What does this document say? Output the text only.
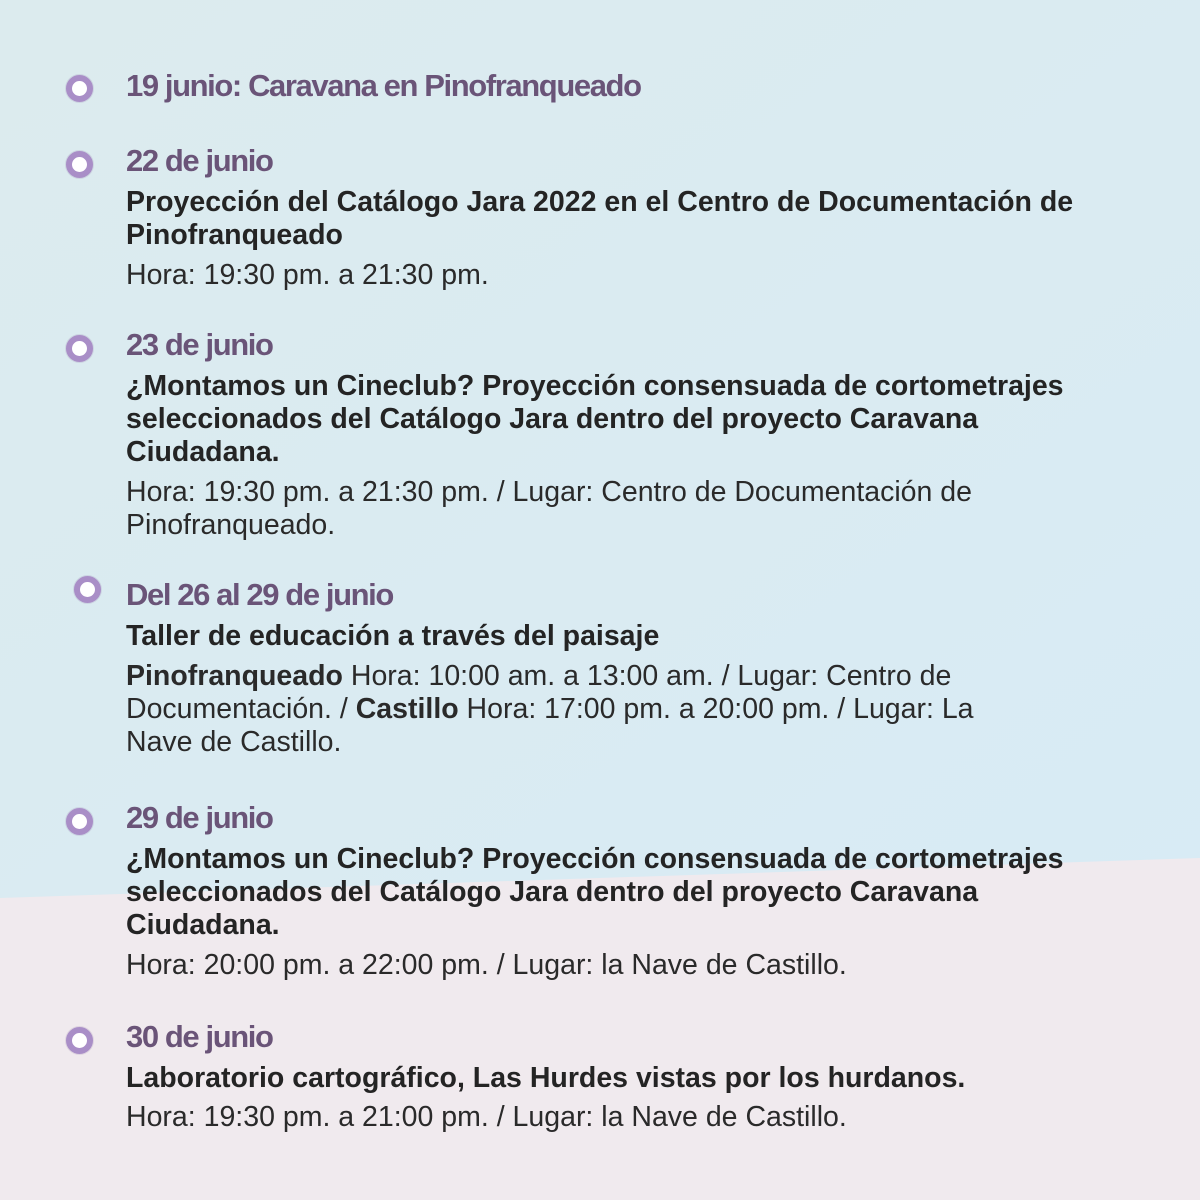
19 junio: Caravana en Pinofranqueado
22 de junio
Proyección del Catálogo Jara 2022 en el Centro de Documentación de Pinofranqueado
Hora: 19:30 pm. a 21:30 pm.
23 de junio
¿Montamos un Cineclub? Proyección consensuada de cortometrajes seleccionados del Catálogo Jara dentro del proyecto Caravana Ciudadana.
Hora: 19:30 pm. a 21:30 pm. / Lugar: Centro de Documentación de Pinofranqueado.
Del 26 al 29 de junio
Taller de educación a través del paisaje
Pinofranqueado Hora: 10:00 am. a 13:00 am. / Lugar: Centro de Documentación. / Castillo Hora: 17:00 pm. a 20:00 pm. / Lugar: La Nave de Castillo.
29 de junio
¿Montamos un Cineclub? Proyección consensuada de cortometrajes seleccionados del Catálogo Jara dentro del proyecto Caravana Ciudadana.
Hora: 20:00 pm. a 22:00 pm. / Lugar: la Nave de Castillo.
30 de junio
Laboratorio cartográfico, Las Hurdes vistas por los hurdanos.
Hora: 19:30 pm. a 21:00 pm. / Lugar: la Nave de Castillo.
